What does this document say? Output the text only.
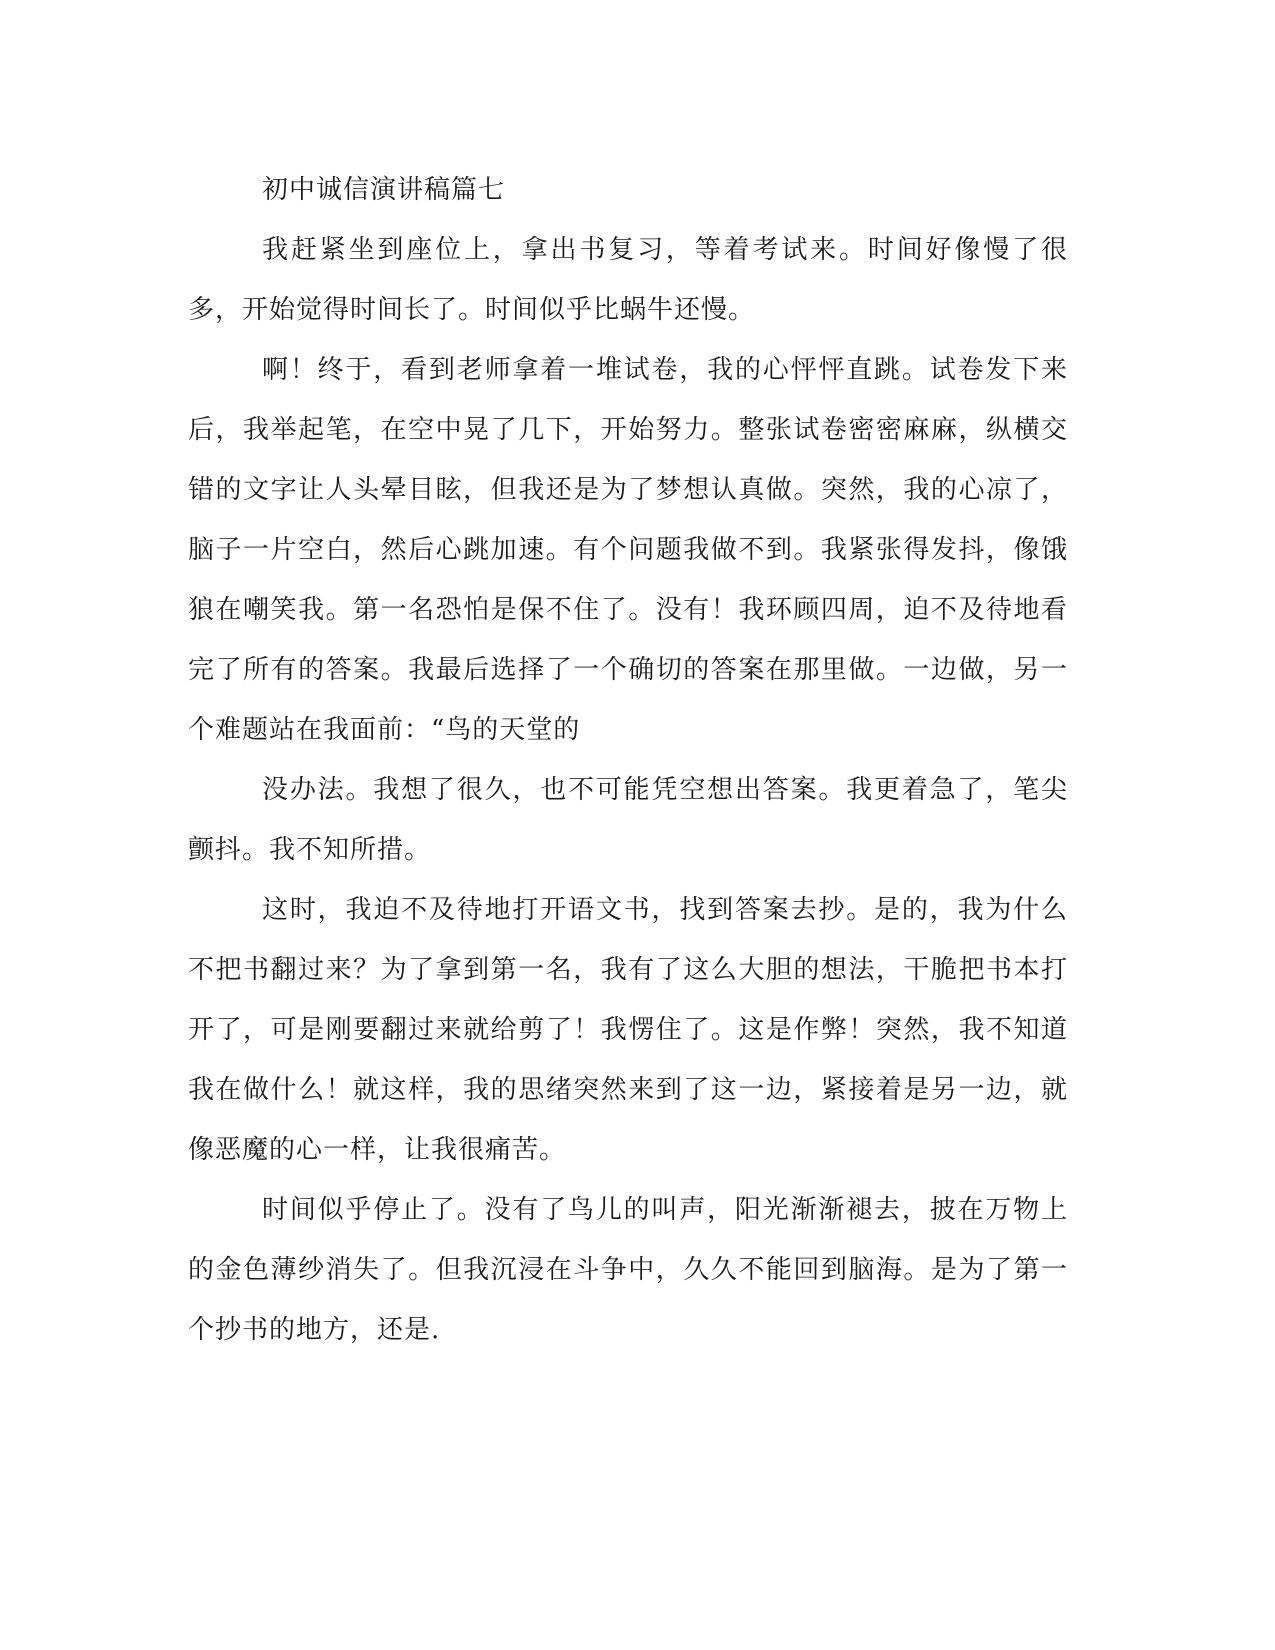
初中诚信演讲稿篇七

我赶紧坐到座位上，拿出书复习，等着考试来。时间好像慢了很多，开始觉得时间长了。时间似乎比蜗牛还慢。

啊！终于，看到老师拿着一堆试卷，我的心怦怦直跳。试卷发下来后，我举起笔，在空中晃了几下，开始努力。整张试卷密密麻麻，纵横交错的文字让人头晕目眩，但我还是为了梦想认真做。突然，我的心凉了，脑子一片空白，然后心跳加速。有个问题我做不到。我紧张得发抖，像饿狼在嘲笑我。第一名恐怕是保不住了。没有！我环顾四周，迫不及待地看完了所有的答案。我最后选择了一个确切的答案在那里做。一边做，另一个难题站在我面前：“鸟的天堂的

没办法。我想了很久，也不可能凭空想出答案。我更着急了，笔尖颤抖。我不知所措。

这时，我迫不及待地打开语文书，找到答案去抄。是的，我为什么不把书翻过来？为了拿到第一名，我有了这么大胆的想法，干脆把书本打开了，可是刚要翻过来就给剪了！我愣住了。这是作弊！突然，我不知道我在做什么！就这样，我的思绪突然来到了这一边，紧接着是另一边，就像恶魔的心一样，让我很痛苦。

时间似乎停止了。没有了鸟儿的叫声，阳光渐渐褪去，披在万物上的金色薄纱消失了。但我沉浸在斗争中，久久不能回到脑海。是为了第一个抄书的地方，还是.
